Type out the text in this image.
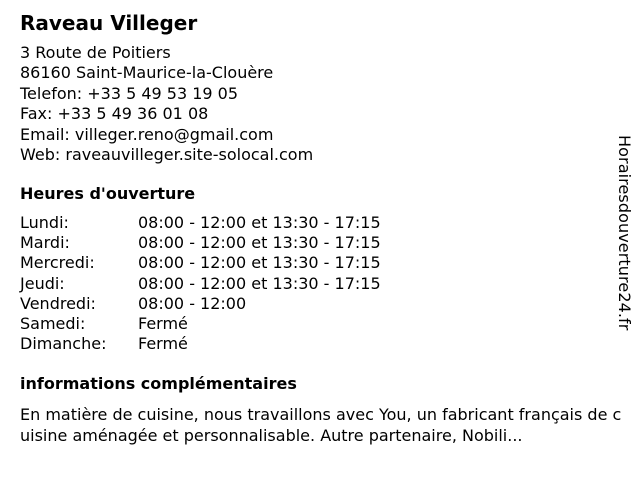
Raveau Villeger
3 Route de Poitiers
86160 Saint-Maurice-la-Clouère
Telefon: +33 5 49 53 19 05
Fax: +33 5 49 36 01 08
Email: villeger.reno@gmail.com
Web: raveauvilleger.site-solocal.com
Heures d'ouverture
Lundi:	08:00 - 12:00 et 13:30 - 17:15
Mardi:	08:00 - 12:00 et 13:30 - 17:15
Mercredi:	08:00 - 12:00 et 13:30 - 17:15
Jeudi:	08:00 - 12:00 et 13:30 - 17:15
Vendredi:	08:00 - 12:00
Samedi:	Fermé
Dimanche:	Fermé
informations complémentaires
En matière de cuisine, nous travaillons avec You, un fabricant français de cuisine aménagée et personnalisable. Autre partenaire, Nobili...
Horairesdouverture24.fr
